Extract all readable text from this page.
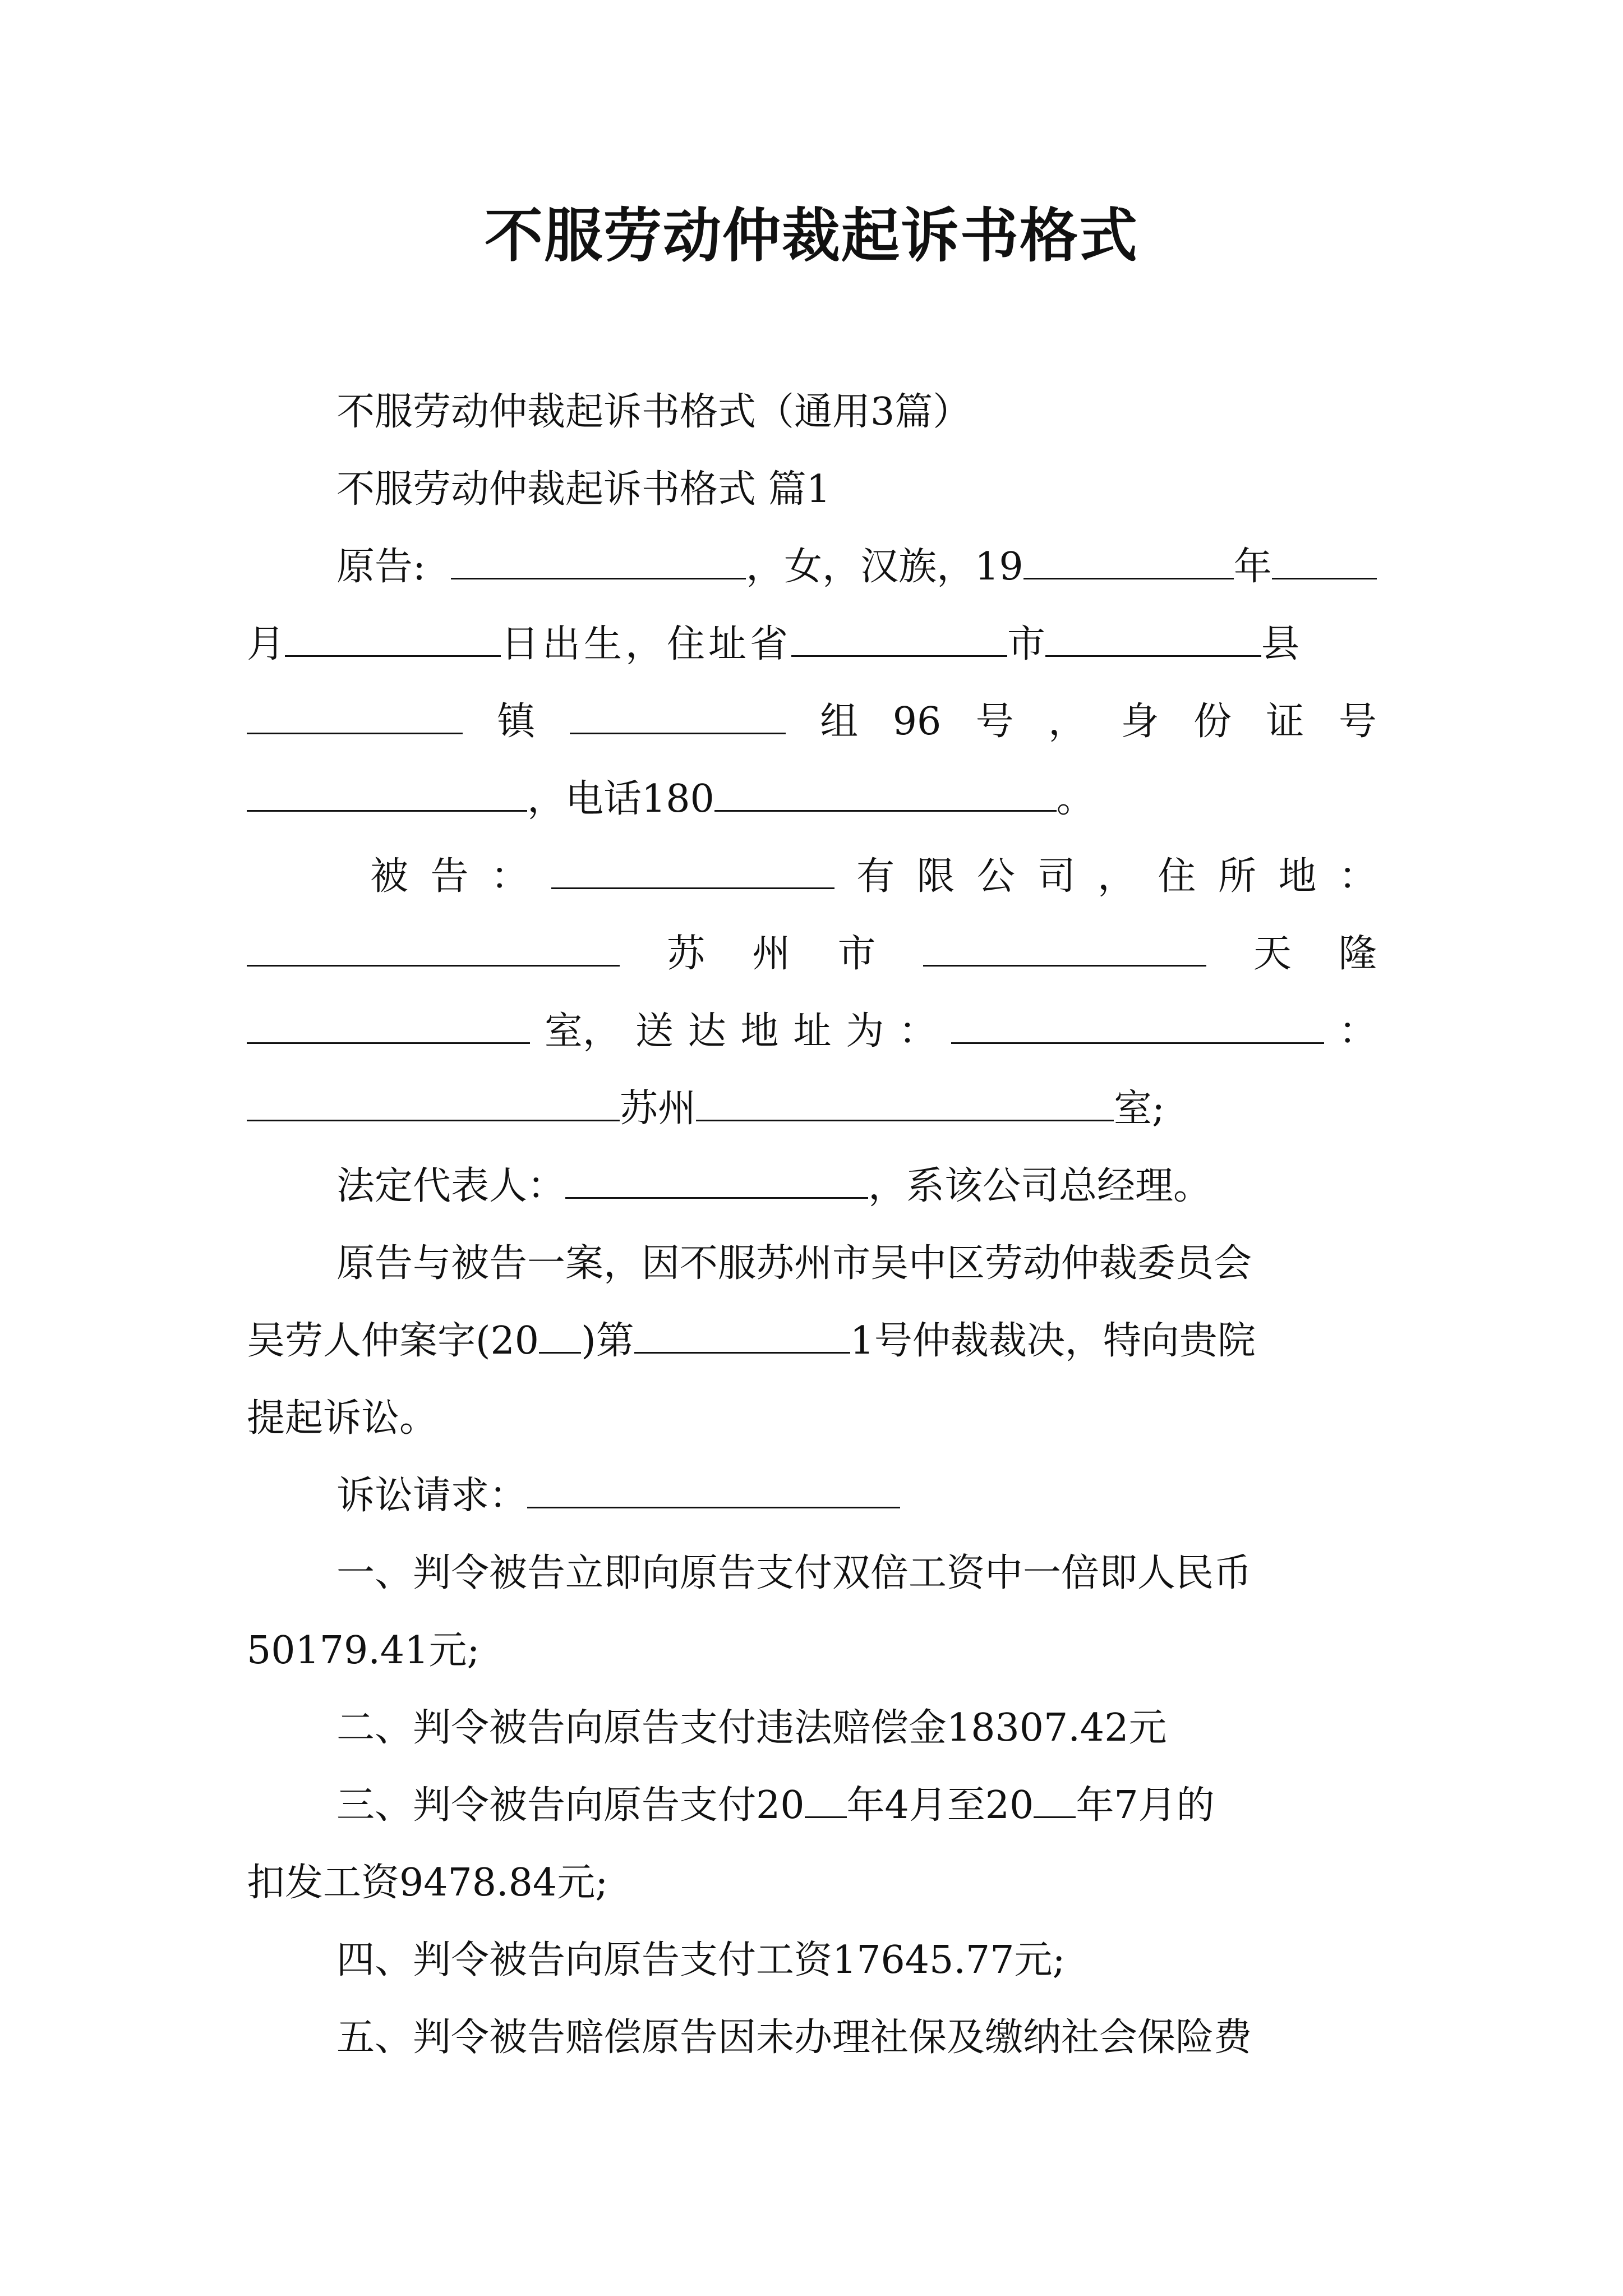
不服劳动仲裁起诉书格式
不服劳动仲裁起诉书格式（通用3篇）
不服劳动仲裁起诉书格式 篇1
原告:	，女，汉族，19	年
月	日出生，住址省	市	县
镇	组 96 号 ， 身 份 证 号
，电话180	。
被 告 ：	有 限 公 司 ， 住 所 地 ：
苏 州 市	天 隆
室， 送 达 地 址 为 ：	：
苏州	室;
法定代表人：	，系该公司总经理。
原告与被告一案，因不服苏州市吴中区劳动仲裁委员会
吴劳人仲案字(20 )第	1号仲裁裁决，特向贵院
提起诉讼。
诉讼请求：
一、判令被告立即向原告支付双倍工资中一倍即人民币
50179.41元;
二、判令被告向原告支付违法赔偿金18307.42元
三、判令被告向原告支付20 年4月至20 年7月的
扣发工资9478.84元;
四、判令被告向原告支付工资17645.77元;
五、判令被告赔偿原告因未办理社保及缴纳社会保险费
